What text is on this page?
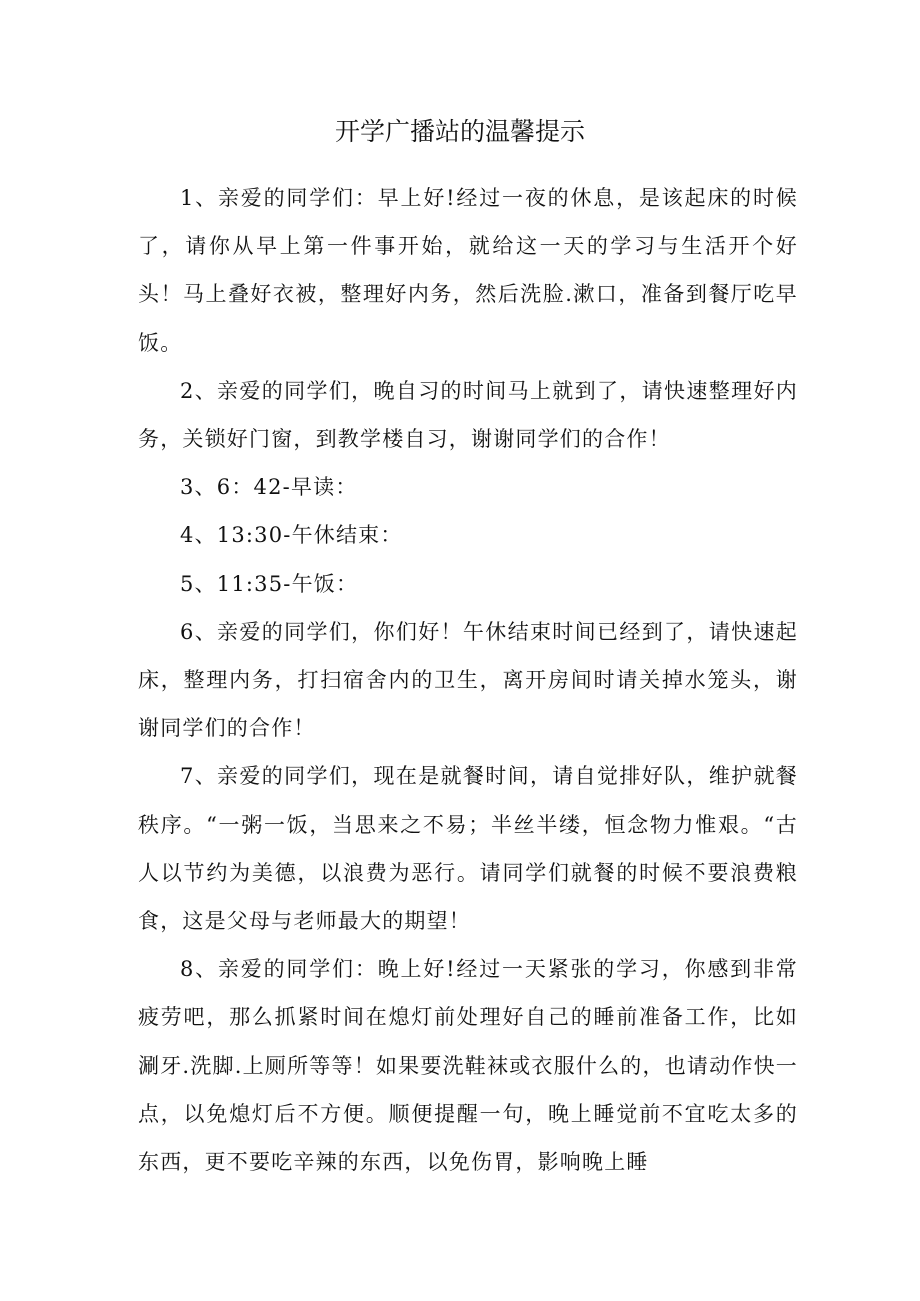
开学广播站的温馨提示

1、亲爱的同学们：早上好!经过一夜的休息，是该起床的时候了，请你从早上第一件事开始，就给这一天的学习与生活开个好头！马上叠好衣被，整理好内务，然后洗脸.漱口，准备到餐厅吃早饭。

2、亲爱的同学们，晚自习的时间马上就到了，请快速整理好内务，关锁好门窗，到教学楼自习，谢谢同学们的合作！

3、6：42-早读：

4、13:30-午休结束：

5、11:35-午饭：

6、亲爱的同学们，你们好！午休结束时间已经到了，请快速起床，整理内务，打扫宿舍内的卫生，离开房间时请关掉水笼头，谢谢同学们的合作！

7、亲爱的同学们，现在是就餐时间，请自觉排好队，维护就餐秩序。“一粥一饭，当思来之不易；半丝半缕，恒念物力惟艰。“古人以节约为美德，以浪费为恶行。请同学们就餐的时候不要浪费粮食，这是父母与老师最大的期望！

8、亲爱的同学们：晚上好!经过一天紧张的学习，你感到非常疲劳吧，那么抓紧时间在熄灯前处理好自己的睡前准备工作，比如涮牙.洗脚.上厕所等等！如果要洗鞋袜或衣服什么的，也请动作快一点，以免熄灯后不方便。顺便提醒一句，晚上睡觉前不宜吃太多的东西，更不要吃辛辣的东西，以免伤胃，影响晚上睡
